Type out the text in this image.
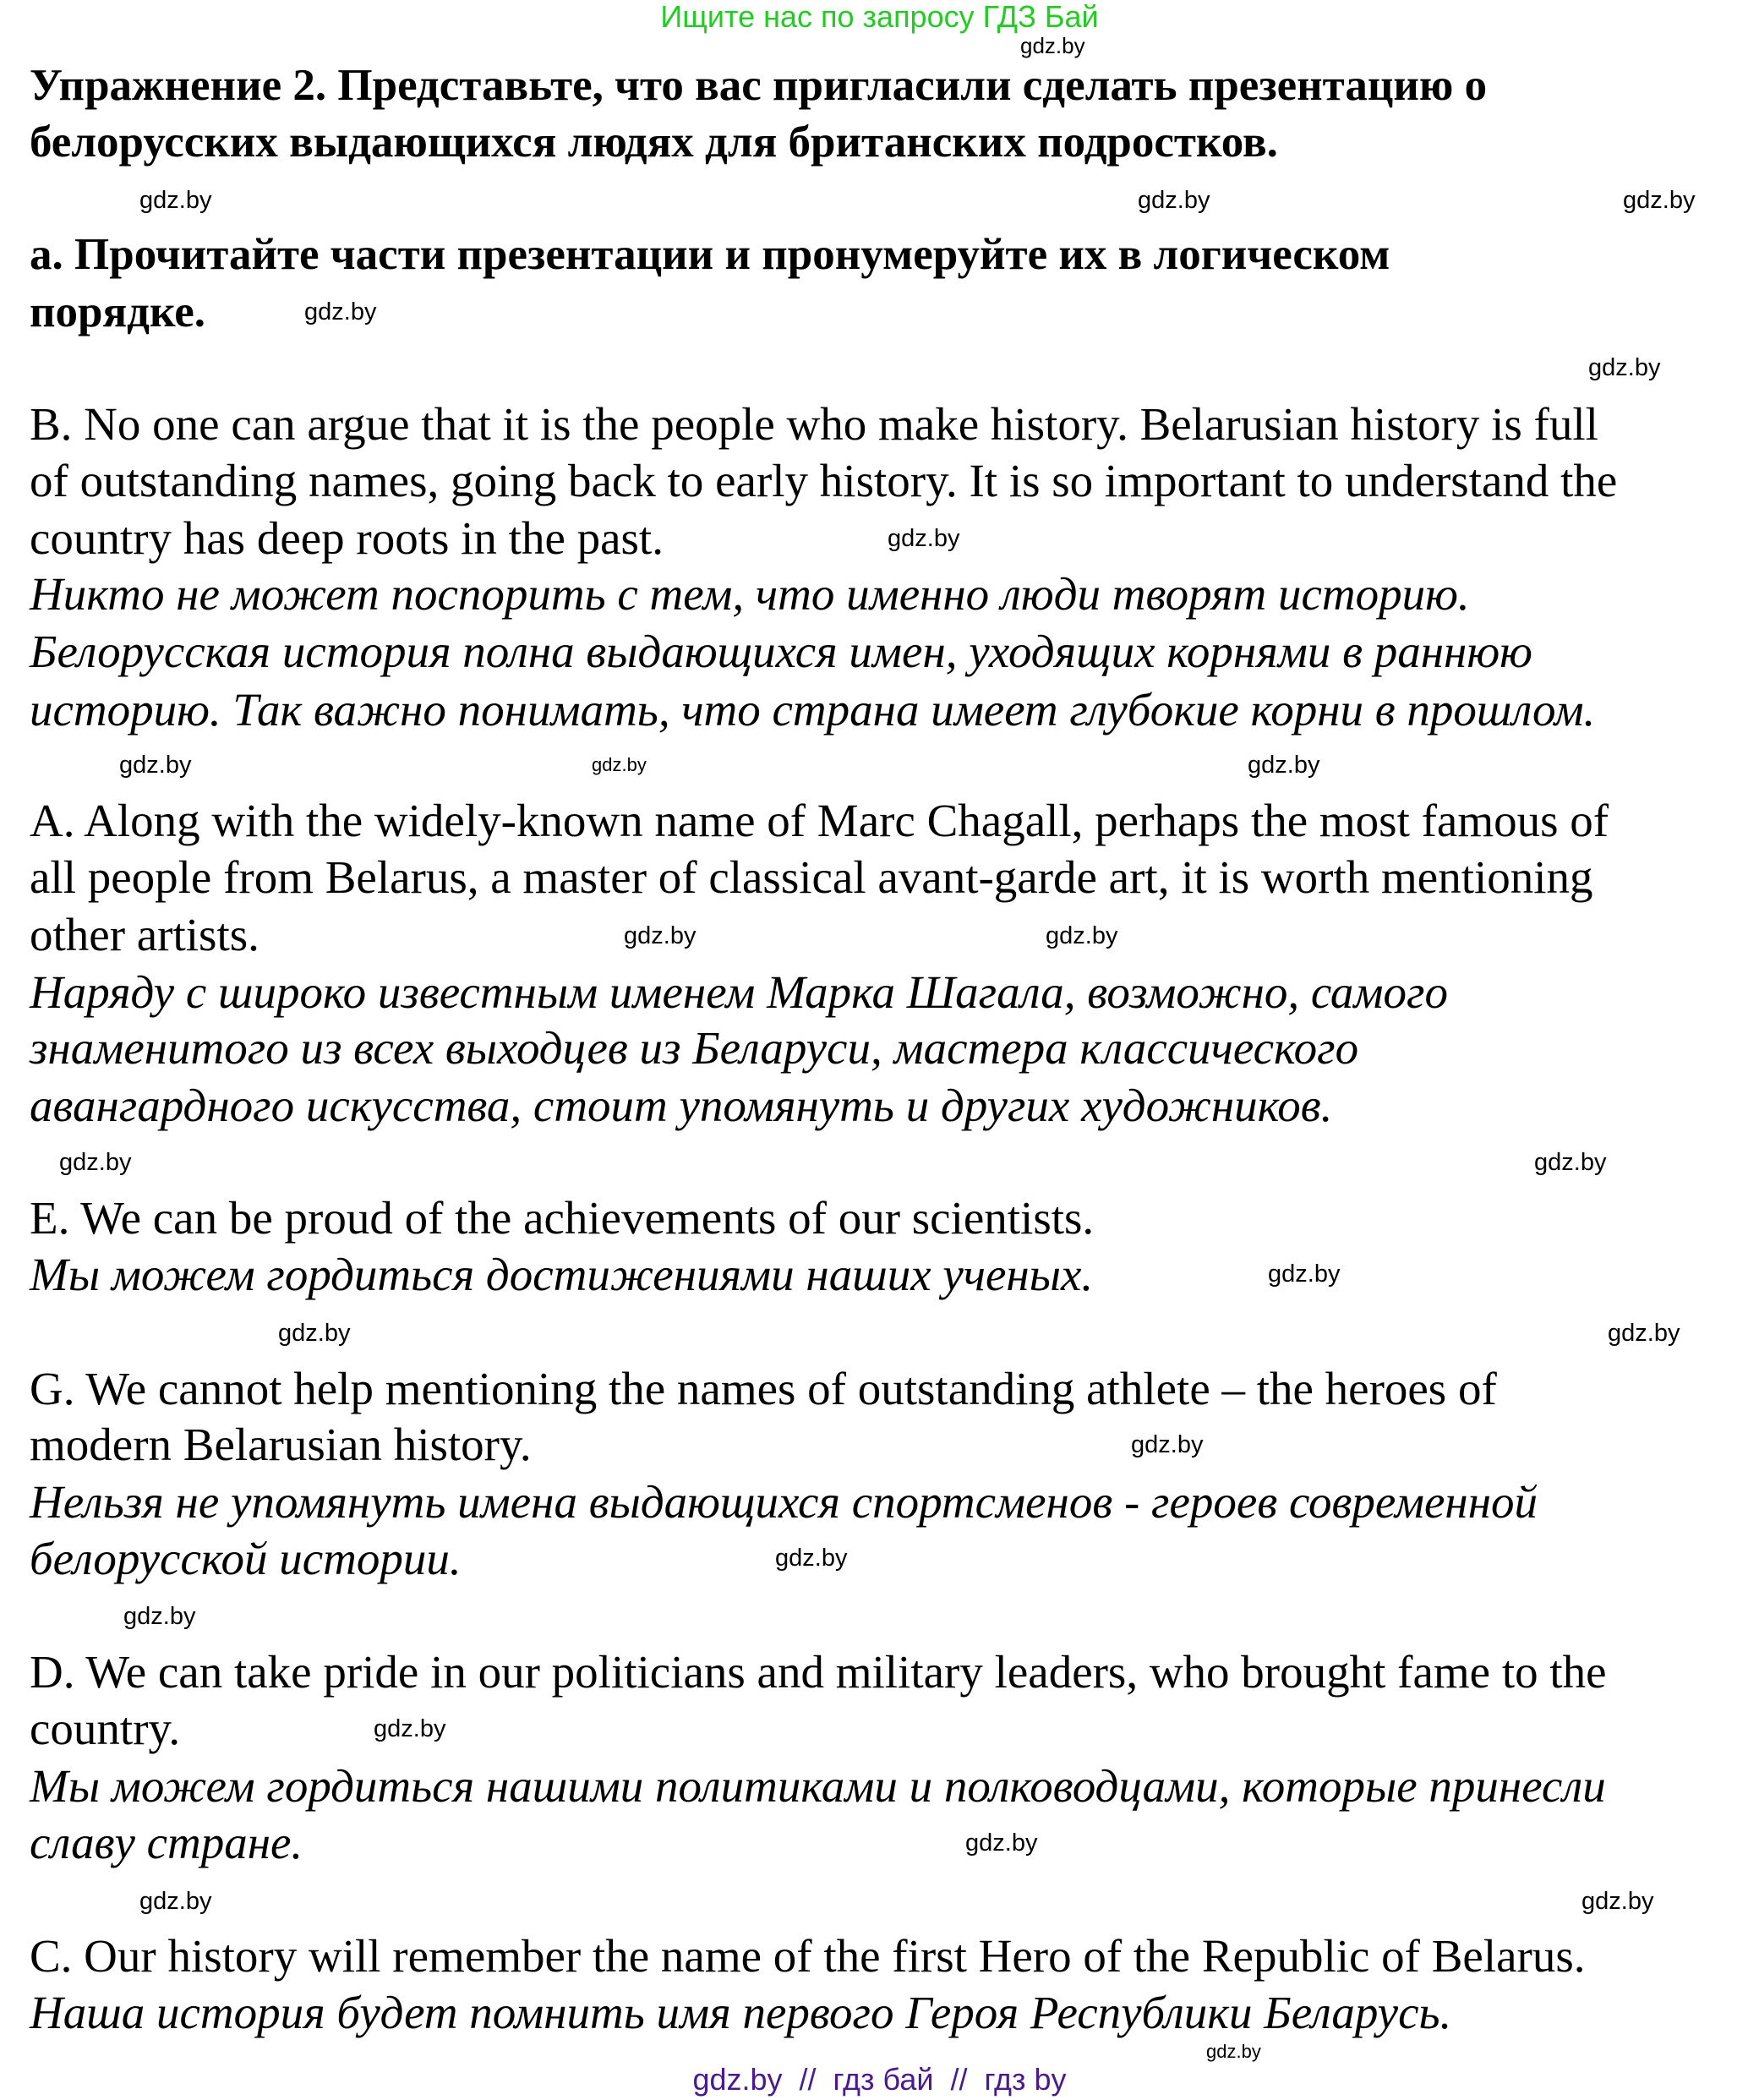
Ищите нас по запросу ГДЗ Бай
Упражнение 2. Представьте, что вас пригласили сделать презентацию о
белорусских выдающихся людях для британских подростков.
а. Прочитайте части презентации и пронумеруйте их в логическом
порядке.
B. No one can argue that it is the people who make history. Belarusian history is full
of outstanding names, going back to early history. It is so important to understand the
country has deep roots in the past.
Никто не может поспорить с тем, что именно люди творят историю.
Белорусская история полна выдающихся имен, уходящих корнями в раннюю
историю. Так важно понимать, что страна имеет глубокие корни в прошлом.
A. Along with the widely-known name of Marc Chagall, perhaps the most famous of
all people from Belarus, a master of classical avant-garde art, it is worth mentioning
other artists.
Наряду с широко известным именем Марка Шагала, возможно, самого
знаменитого из всех выходцев из Беларуси, мастера классического
авангардного искусства, стоит упомянуть и других художников.
E. We can be proud of the achievements of our scientists.
Мы можем гордиться достижениями наших ученых.
G. We cannot help mentioning the names of outstanding athlete – the heroes of
modern Belarusian history.
Нельзя не упомянуть имена выдающихся спортсменов - героев современной
белорусской истории.
D. We can take pride in our politicians and military leaders, who brought fame to the
country.
Мы можем гордиться нашими политиками и полководцами, которые принесли
славу стране.
C. Our history will remember the name of the first Hero of the Republic of Belarus.
Наша история будет помнить имя первого Героя Республики Беларусь.
gdz.by
gdz.by	gdz.by	gdz.by
gdz.by
gdz.by
gdz.by
gdz.by	gdz.by	gdz.by
gdz.by	gdz.by
gdz.by	gdz.by
gdz.by
gdz.by	gdz.by
gdz.by
gdz.by
gdz.by
gdz.by
gdz.by
gdz.by	gdz.by
gdz.by
gdz.by  //  гдз бай  //  гдз by
